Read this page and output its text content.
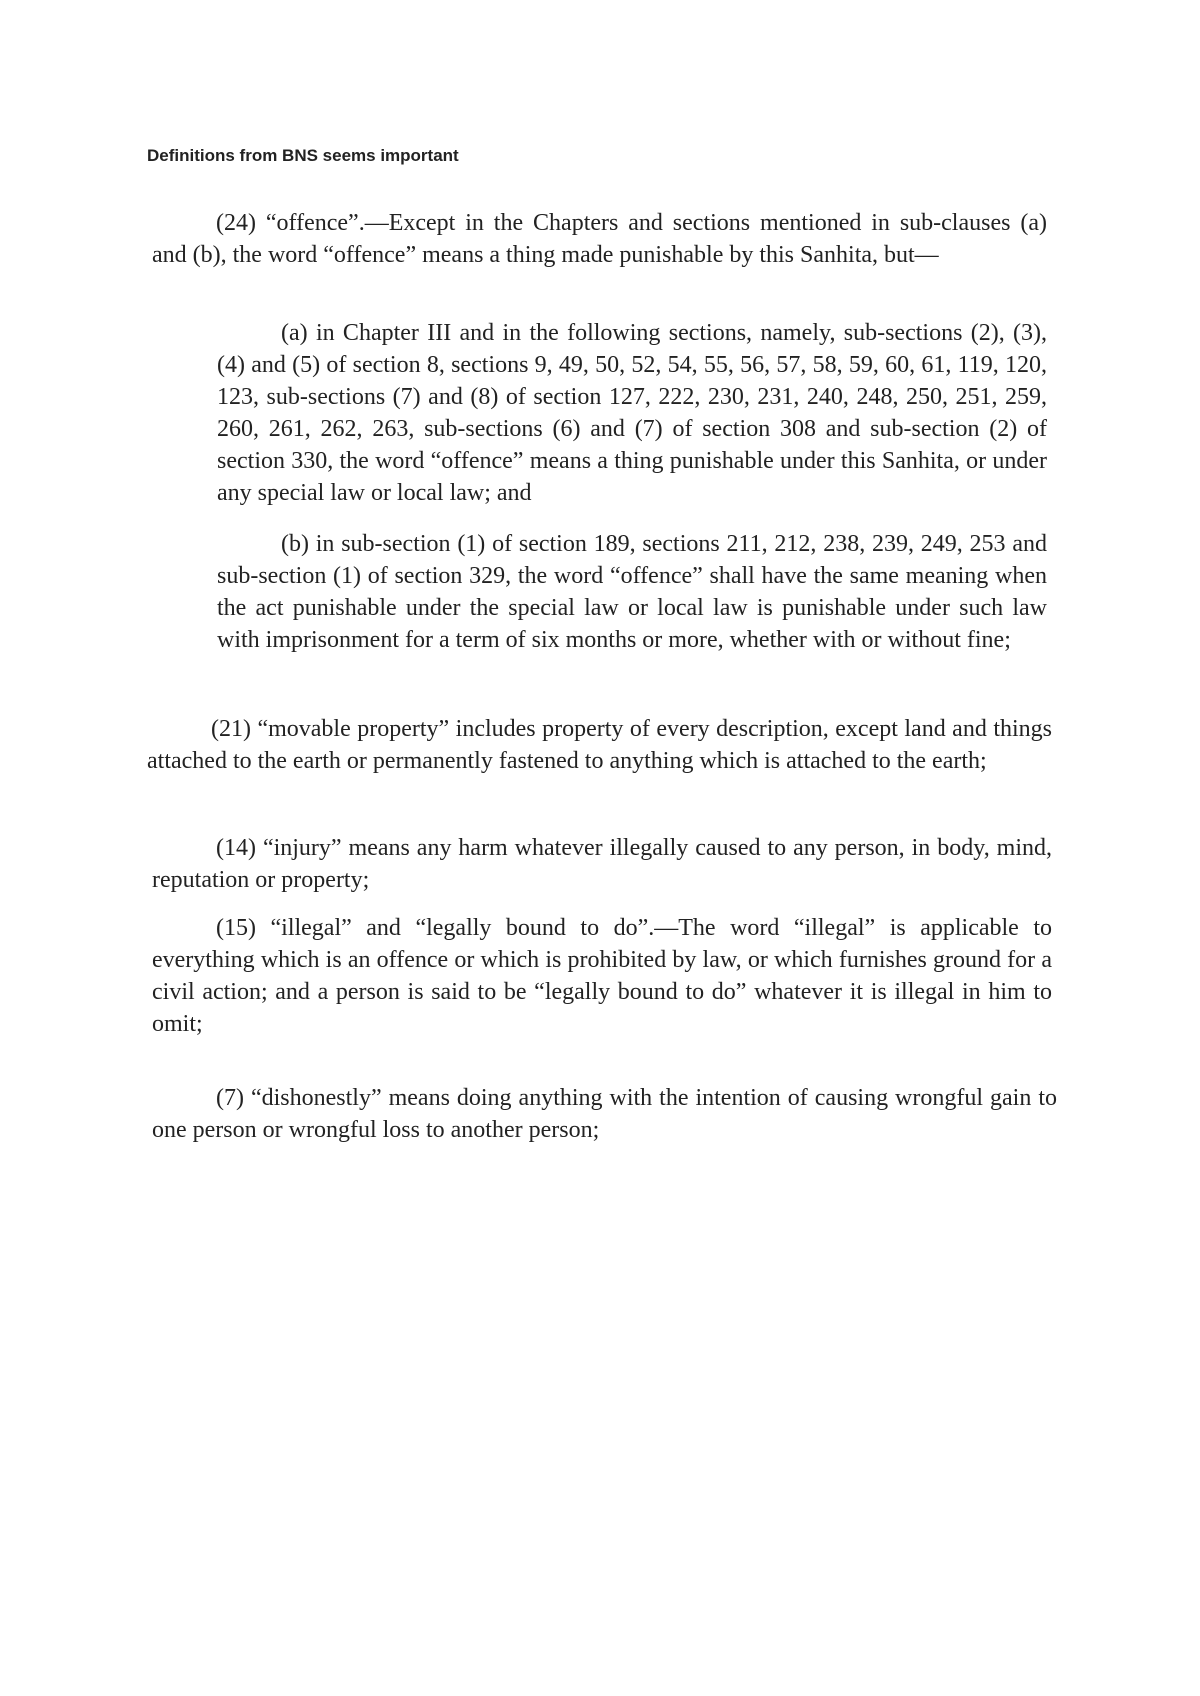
Definitions from BNS seems important

(24) “offence”.—Except in the Chapters and sections mentioned in sub-clauses (a) and (b), the word “offence” means a thing made punishable by this Sanhita, but—

(a) in Chapter III and in the following sections, namely, sub-sections (2), (3), (4) and (5) of section 8, sections 9, 49, 50, 52, 54, 55, 56, 57, 58, 59, 60, 61, 119, 120, 123, sub-sections (7) and (8) of section 127, 222, 230, 231, 240, 248, 250, 251, 259, 260, 261, 262, 263, sub-sections (6) and (7) of section 308 and sub-section (2) of section 330, the word “offence” means a thing punishable under this Sanhita, or under any special law or local law; and

(b) in sub-section (1) of section 189, sections 211, 212, 238, 239, 249, 253 and sub-section (1) of section 329, the word “offence” shall have the same meaning when the act punishable under the special law or local law is punishable under such law with imprisonment for a term of six months or more, whether with or without fine;

(21) “movable property” includes property of every description, except land and things attached to the earth or permanently fastened to anything which is attached to the earth;

(14) “injury” means any harm whatever illegally caused to any person, in body, mind, reputation or property;

(15) “illegal” and “legally bound to do”.—The word “illegal” is applicable to everything which is an offence or which is prohibited by law, or which furnishes ground for a civil action; and a person is said to be “legally bound to do” whatever it is illegal in him to omit;

(7) “dishonestly” means doing anything with the intention of causing wrongful gain to one person or wrongful loss to another person;
